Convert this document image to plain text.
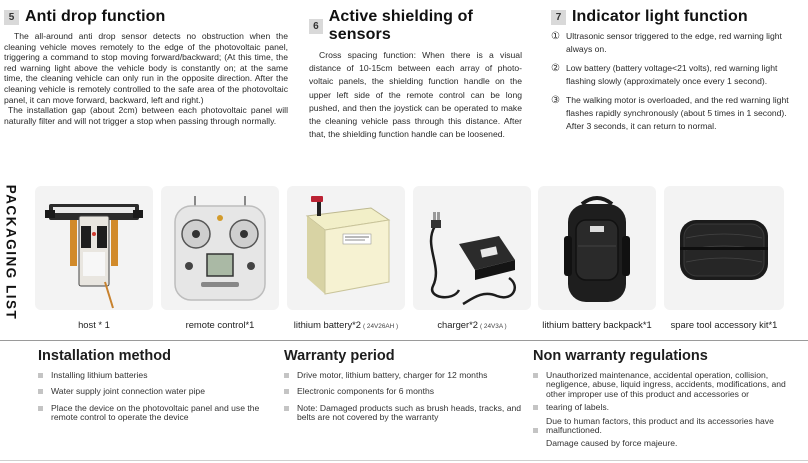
5 Anti drop function

The all-around anti drop sensor detects no obstruction when the cleaning vehicle moves remotely to the edge of the photovoltaic panel, triggering a command to stop moving forward/backward; (At this time, the red warning light above the vehicle body is constantly on; at the same time, the cleaning vehicle can only run in the opposite direction. After the cleaning vehicle is remotely controlled to the safe area of the photovoltaic panel, it can move forward, backward, left and right.)

The installation gap (about 2cm) between each photovoltaic panel will naturally filter and will not trigger a stop when passing through normally.

6
Active shielding of sensors

Cross spacing function: When there is a visual distance of 10-15cm between each array of photo-voltaic panels, the shielding function handle on the upper left side of the remote control can be long pushed, and then the joystick can be operated to make the cleaning vehicle pass through this distance. After that, the shielding function handle can be loosened.

7 Indicator light function
① Ultrasonic sensor triggered to the edge, red warning light always on.
② Low battery (battery voltage<21 volts), red warning light flashing slowly (approximately once every 1 second).
③ The walking motor is overloaded, and the red warning light flashes rapidly synchronously (about 5 times in 1 second). After 3 seconds, it can return to normal.
PACKAGING LIST
host * 1	remote control*1	lithium battery*2 ( 24V26AH )	charger*2 ( 24V3A )	lithium battery backpack*1	spare tool accessory kit*1
Installation method
Installing lithium batteries
Water supply joint connection water pipe
Place the device on the photovoltaic panel and use the remote control to operate the device
Warranty period
Drive motor, lithium battery, charger for 12 months
Electronic components for 6 months
Note: Damaged products such as brush heads, tracks, and belts are not covered by the warranty
Non warranty regulations
Unauthorized maintenance, accidental operation, collision, negligence, abuse, liquid ingress, accidents, modifications, and other improper use of this product and accessories or
tearing of labels.
Due to human factors, this product and its accessories have
malfunctioned.
Damage caused by force majeure.
